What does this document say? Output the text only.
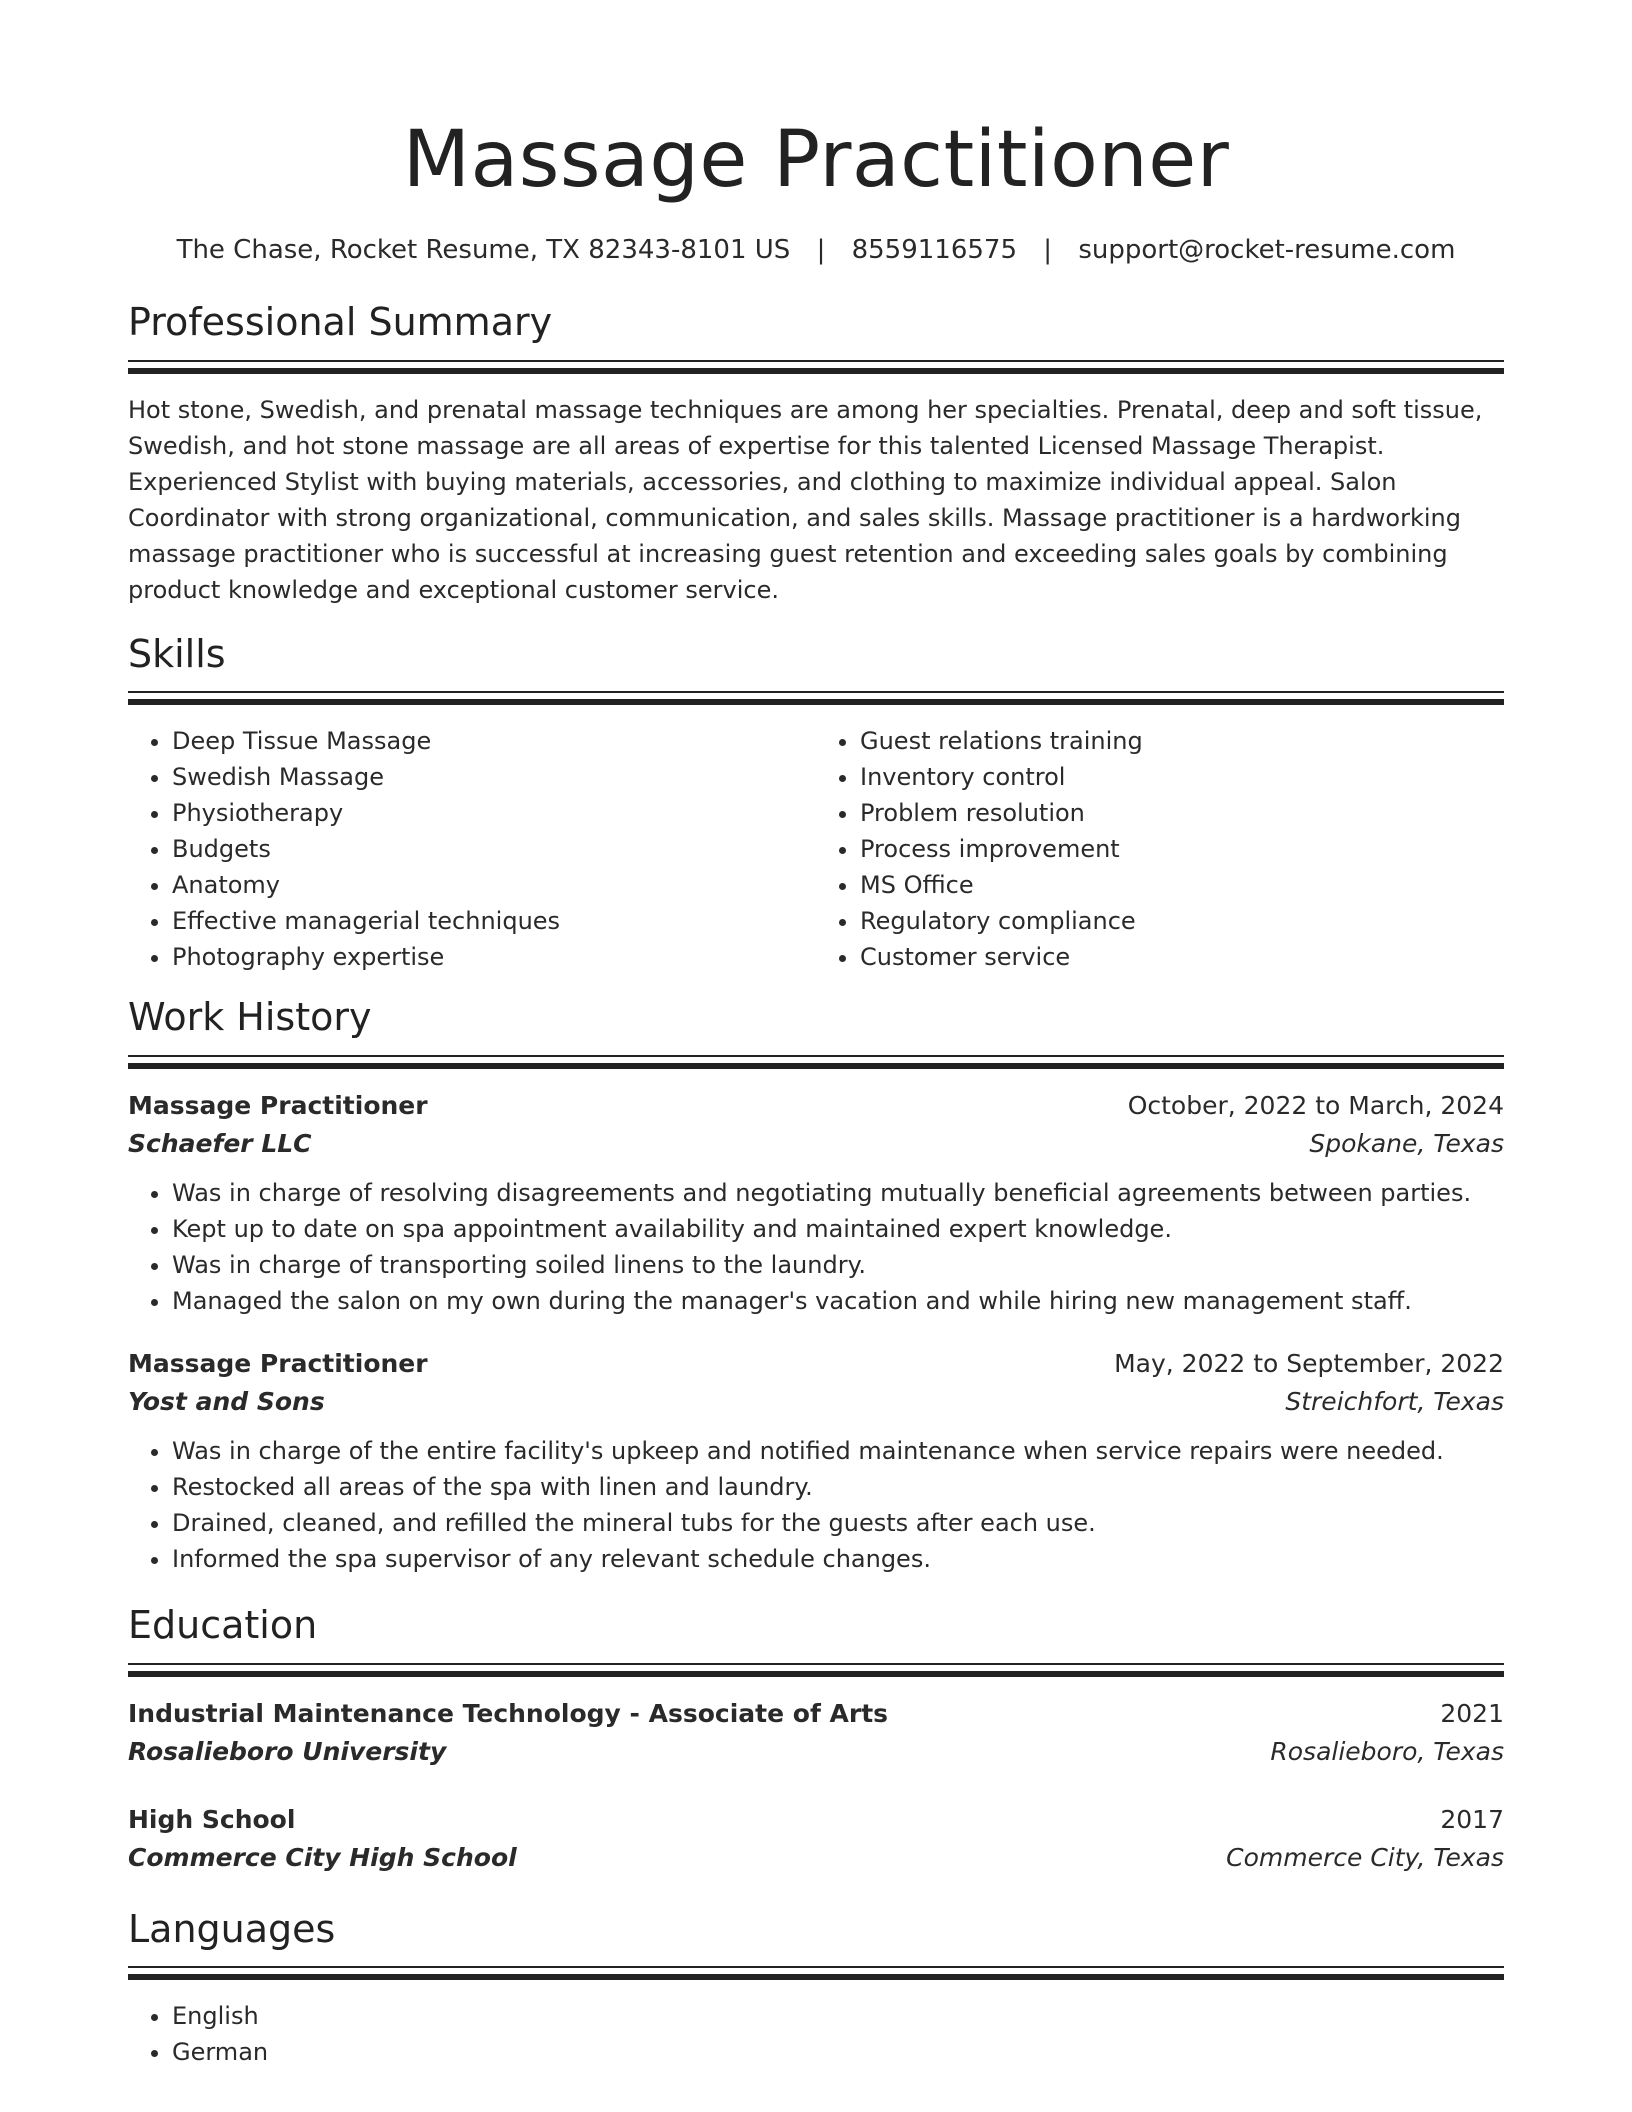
Massage Practitioner
The Chase, Rocket Resume, TX 82343-8101 US | 8559116575 | support@rocket-resume.com
Professional Summary

Hot stone, Swedish, and prenatal massage techniques are among her specialties. Prenatal, deep and soft tissue, Swedish, and hot stone massage are all areas of expertise for this talented Licensed Massage Therapist. Experienced Stylist with buying materials, accessories, and clothing to maximize individual appeal. Salon Coordinator with strong organizational, communication, and sales skills. Massage practitioner is a hardworking massage practitioner who is successful at increasing guest retention and exceeding sales goals by combining product knowledge and exceptional customer service.

Skills
• Deep Tissue Massage
• Swedish Massage
• Physiotherapy
• Budgets
• Anatomy
• Effective managerial techniques
• Photography expertise
• Guest relations training
• Inventory control
• Problem resolution
• Process improvement
• MS Office
• Regulatory compliance
• Customer service
Work History
Massage Practitioner	October, 2022 to March, 2024
Schaefer LLC	Spokane, Texas
• Was in charge of resolving disagreements and negotiating mutually beneficial agreements between parties.
• Kept up to date on spa appointment availability and maintained expert knowledge.
• Was in charge of transporting soiled linens to the laundry.
• Managed the salon on my own during the manager's vacation and while hiring new management staff.
Massage Practitioner	May, 2022 to September, 2022
Yost and Sons	Streichfort, Texas
• Was in charge of the entire facility's upkeep and notified maintenance when service repairs were needed.
• Restocked all areas of the spa with linen and laundry.
• Drained, cleaned, and refilled the mineral tubs for the guests after each use.
• Informed the spa supervisor of any relevant schedule changes.
Education
Industrial Maintenance Technology - Associate of Arts	2021
Rosalieboro University	Rosalieboro, Texas
High School	2017
Commerce City High School	Commerce City, Texas
Languages
• English
• German
